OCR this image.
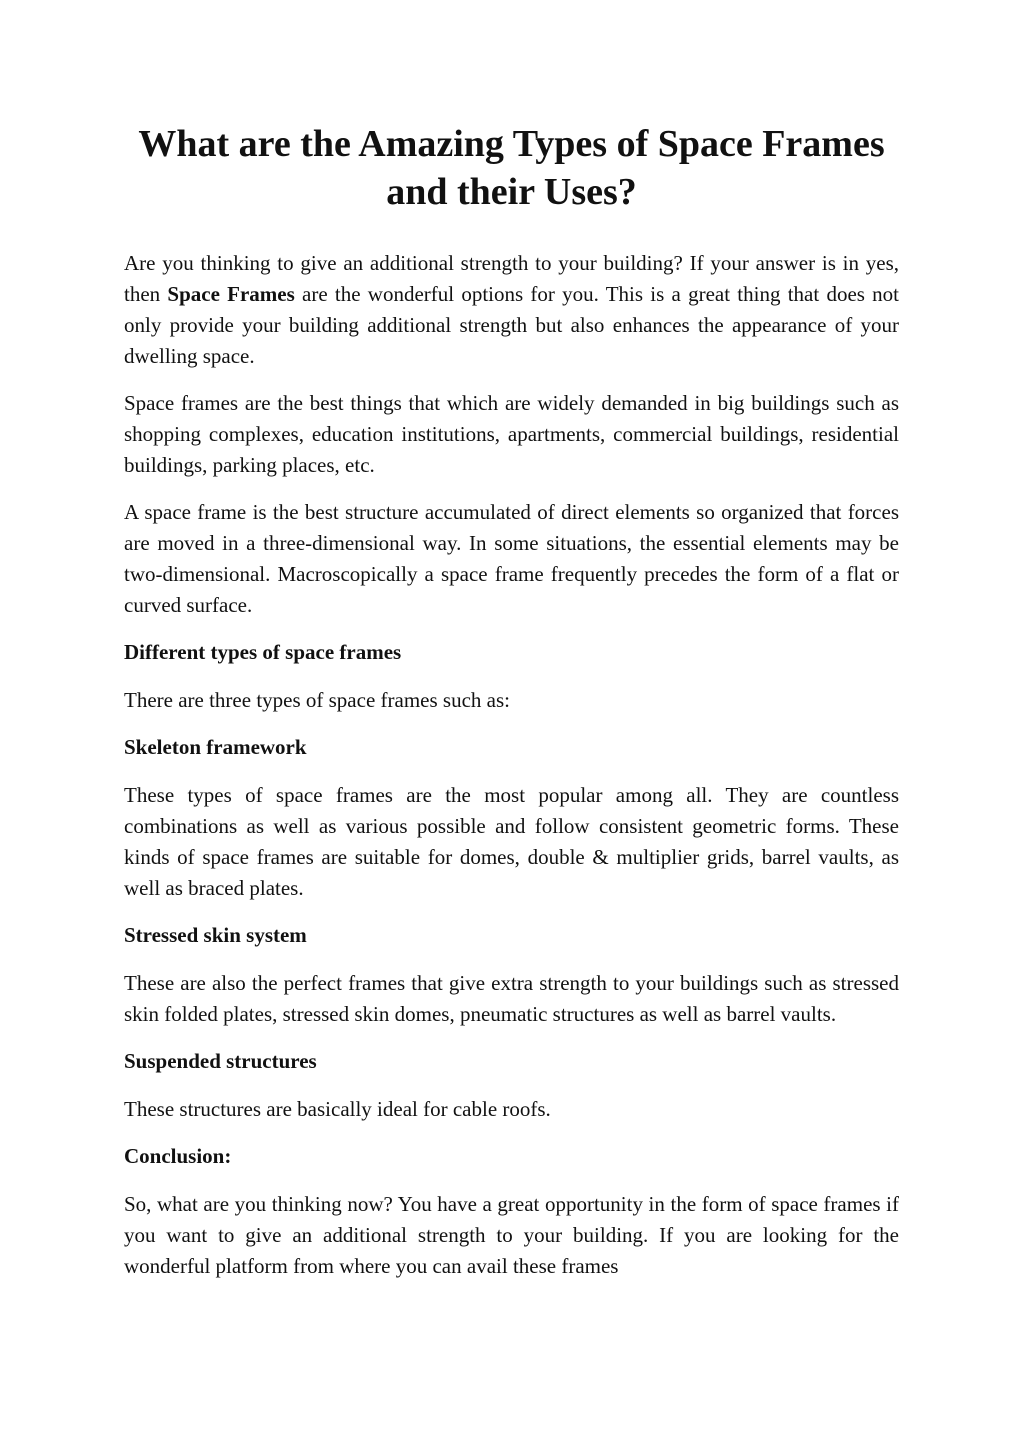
What are the Amazing Types of Space Frames and their Uses?

Are you thinking to give an additional strength to your building? If your answer is in yes, then Space Frames are the wonderful options for you. This is a great thing that does not only provide your building additional strength but also enhances the appearance of your dwelling space.

Space frames are the best things that which are widely demanded in big buildings such as shopping complexes, education institutions, apartments, commercial buildings, residential buildings, parking places, etc.

A space frame is the best structure accumulated of direct elements so organized that forces are moved in a three-dimensional way. In some situations, the essential elements may be two-dimensional. Macroscopically a space frame frequently precedes the form of a flat or curved surface.

Different types of space frames

There are three types of space frames such as:

Skeleton framework

These types of space frames are the most popular among all. They are countless combinations as well as various possible and follow consistent geometric forms. These kinds of space frames are suitable for domes, double & multiplier grids, barrel vaults, as well as braced plates.

Stressed skin system

These are also the perfect frames that give extra strength to your buildings such as stressed skin folded plates, stressed skin domes, pneumatic structures as well as barrel vaults.

Suspended structures

These structures are basically ideal for cable roofs.

Conclusion:

So, what are you thinking now? You have a great opportunity in the form of space frames if you want to give an additional strength to your building. If you are looking for the wonderful platform from where you can avail these frames
